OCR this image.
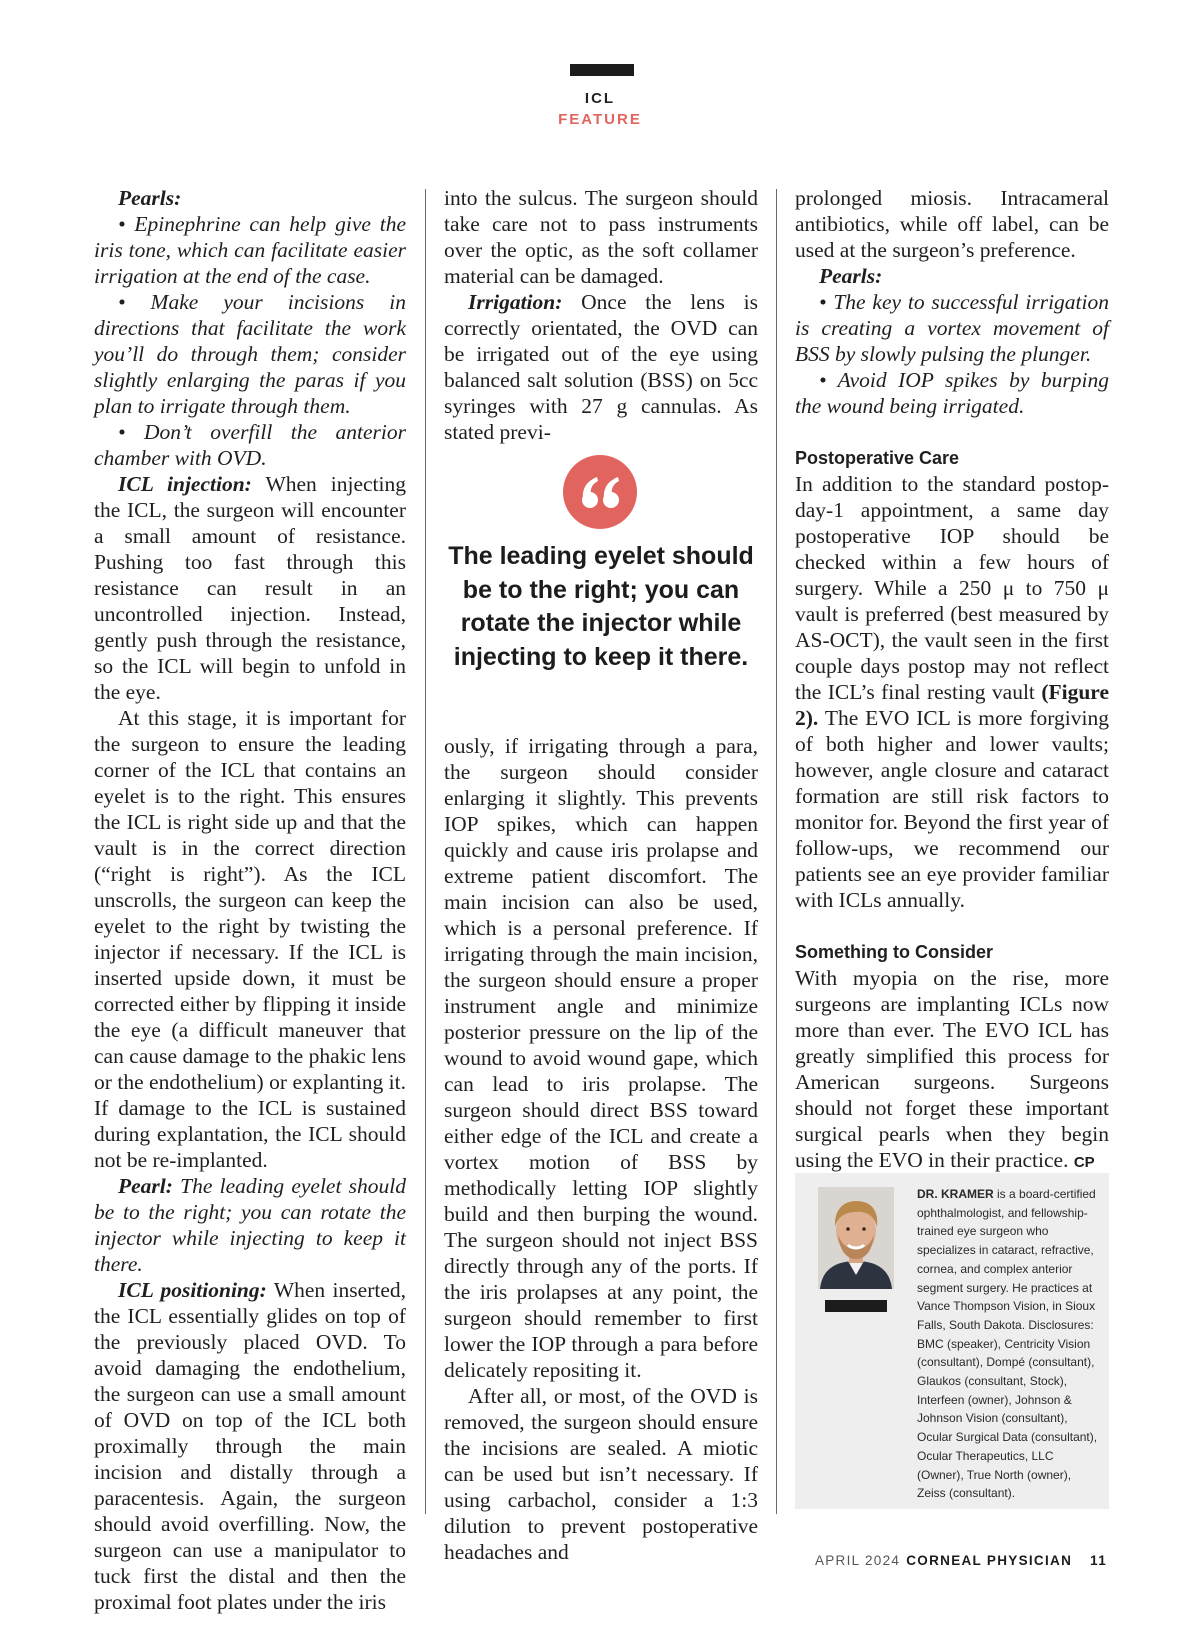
ICL
FEATURE

Pearls:

• Epinephrine can help give the iris tone, which can facilitate easier irrigation at the end of the case.

• Make your incisions in directions that facilitate the work you’ll do through them; consider slightly enlarging the paras if you plan to irrigate through them.

• Don’t overfill the anterior chamber with OVD.

ICL injection: When injecting the ICL, the surgeon will encounter a small amount of resistance. Pushing too fast through this resistance can result in an uncontrolled injection. Instead, gently push through the resistance, so the ICL will begin to unfold in the eye.

At this stage, it is important for the surgeon to ensure the leading corner of the ICL that contains an eyelet is to the right. This ensures the ICL is right side up and that the vault is in the correct direction (“right is right”). As the ICL unscrolls, the surgeon can keep the eyelet to the right by twisting the injector if necessary. If the ICL is inserted upside down, it must be corrected either by flipping it inside the eye (a difficult maneuver that can cause damage to the phakic lens or the endothelium) or explanting it. If damage to the ICL is sustained during explantation, the ICL should not be re-implanted.

Pearl: The leading eyelet should be to the right; you can rotate the injector while injecting to keep it there.

ICL positioning: When inserted, the ICL essentially glides on top of the previously placed OVD. To avoid damaging the endothelium, the surgeon can use a small amount of OVD on top of the ICL both proximally through the main incision and distally through a paracentesis. Again, the surgeon should avoid overfilling. Now, the surgeon can use a manipulator to tuck first the distal and then the proximal foot plates under the iris

into the sulcus. The surgeon should take care not to pass instruments over the optic, as the soft collamer material can be damaged.

Irrigation: Once the lens is correctly orientated, the OVD can be irrigated out of the eye using balanced salt solution (BSS) on 5cc syringes with 27 g cannulas. As stated previ-

The leading eyelet should be to the right; you can rotate the injector while injecting to keep it there.

ously, if irrigating through a para, the surgeon should consider enlarging it slightly. This prevents IOP spikes, which can happen quickly and cause iris prolapse and extreme patient discomfort. The main incision can also be used, which is a personal preference. If irrigating through the main incision, the surgeon should ensure a proper instrument angle and minimize posterior pressure on the lip of the wound to avoid wound gape, which can lead to iris prolapse. The surgeon should direct BSS toward either edge of the ICL and create a vortex motion of BSS by methodically letting IOP slightly build and then burping the wound. The surgeon should not inject BSS directly through any of the ports. If the iris prolapses at any point, the surgeon should remember to first lower the IOP through a para before delicately repositing it.

After all, or most, of the OVD is removed, the surgeon should ensure the incisions are sealed. A miotic can be used but isn’t necessary. If using carbachol, consider a 1:3 dilution to prevent postoperative headaches and

prolonged miosis. Intracameral antibiotics, while off label, can be used at the surgeon’s preference.

Pearls:

• The key to successful irrigation is creating a vortex movement of BSS by slowly pulsing the plunger.

• Avoid IOP spikes by burping the wound being irrigated.

Postoperative Care

In addition to the standard postop-day-1 appointment, a same day postoperative IOP should be checked within a few hours of surgery. While a 250 μ to 750 μ vault is preferred (best measured by AS-OCT), the vault seen in the first couple days postop may not reflect the ICL’s final resting vault (Figure 2). The EVO ICL is more forgiving of both higher and lower vaults; however, angle closure and cataract formation are still risk factors to monitor for. Beyond the first year of follow-ups, we recommend our patients see an eye provider familiar with ICLs annually.

Something to Consider

With myopia on the rise, more surgeons are implanting ICLs now more than ever. The EVO ICL has greatly simplified this process for American surgeons. Surgeons should not forget these important surgical pearls when they begin using the EVO in their practice. CP

DR. KRAMER is a board-certified ophthalmologist, and fellowship-trained eye surgeon who specializes in cataract, refractive, cornea, and complex anterior segment surgery. He practices at Vance Thompson Vision, in Sioux Falls, South Dakota. Disclosures: BMC (speaker), Centricity Vision (consultant), Dompé (consultant), Glaukos (consultant, Stock), Interfeen (owner), Johnson & Johnson Vision (consultant), Ocular Surgical Data (consultant), Ocular Therapeutics, LLC (Owner), True North (owner), Zeiss (consultant).
APRIL 2024 CORNEAL PHYSICIAN 11
